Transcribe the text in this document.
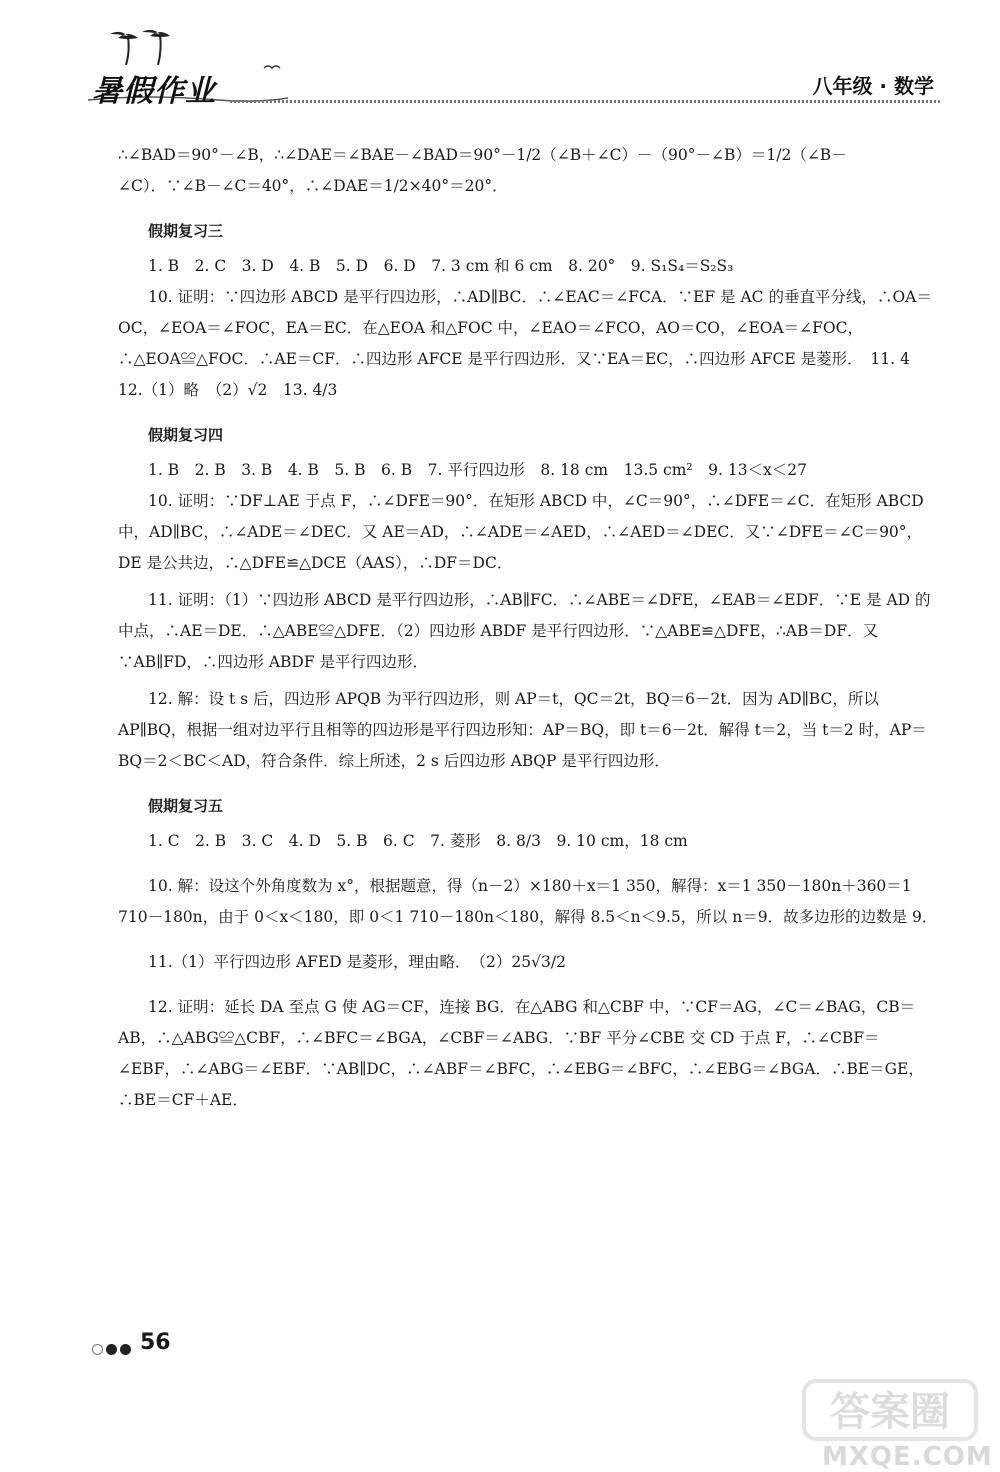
暑假作业	八年级 · 数学

∴∠BAD＝90°－∠B，∴∠DAE＝∠BAE－∠BAD＝90°－1/2（∠B＋∠C）－（90°－∠B）＝1/2（∠B－

∠C）．∵∠B－∠C＝40°，∴∠DAE＝1/2×40°＝20°．

假期复习三

1. B　2. C　3. D　4. B　5. D　6. D　7. 3 cm 和 6 cm　8. 20°　9. S₁S₄＝S₂S₃

10. 证明：∵四边形 ABCD 是平行四边形，∴AD∥BC．∴∠EAC＝∠FCA．∵EF 是 AC 的垂直平分线，∴OA＝OC，∠EOA＝∠FOC，EA＝EC．在△EOA 和△FOC 中，∠EAO＝∠FCO，AO＝CO，∠EOA＝∠FOC，∴△EOA≌△FOC．∴AE＝CF．∴四边形 AFCE 是平行四边形．又∵EA＝EC，∴四边形 AFCE 是菱形．　11. 4　12.（1）略　（2）√2　13. 4/3

假期复习四

1. B　2. B　3. B　4. B　5. B　6. B　7. 平行四边形　8. 18 cm　13.5 cm²　9. 13＜x＜27

10. 证明：∵DF⊥AE 于点 F，∴∠DFE＝90°．在矩形 ABCD 中，∠C＝90°，∴∠DFE＝∠C．在矩形 ABCD 中，AD∥BC，∴∠ADE＝∠DEC．又 AE＝AD，∴∠ADE＝∠AED，∴∠AED＝∠DEC．又∵∠DFE＝∠C＝90°，DE 是公共边，∴△DFE≌△DCE（AAS），∴DF＝DC．

11. 证明：（1）∵四边形 ABCD 是平行四边形，∴AB∥FC．∴∠ABE＝∠DFE，∠EAB＝∠EDF．∵E 是 AD 的中点，∴AE＝DE．∴△ABE≌△DFE．（2）四边形 ABDF 是平行四边形．∵△ABE≌△DFE，∴AB＝DF．又∵AB∥FD，∴四边形 ABDF 是平行四边形．

12. 解：设 t s 后，四边形 APQB 为平行四边形，则 AP＝t，QC＝2t，BQ＝6－2t．因为 AD∥BC，所以 AP∥BQ，根据一组对边平行且相等的四边形是平行四边形知：AP＝BQ，即 t＝6－2t．解得 t＝2，当 t＝2 时，AP＝BQ＝2＜BC＜AD，符合条件．综上所述，2 s 后四边形 ABQP 是平行四边形．

假期复习五

1. C　2. B　3. C　4. D　5. B　6. C　7. 菱形　8. 8/3　9. 10 cm，18 cm

10. 解：设这个外角度数为 x°，根据题意，得（n－2）×180＋x＝1 350，解得：x＝1 350－180n＋360＝1 710－180n，由于 0＜x＜180，即 0＜1 710－180n＜180，解得 8.5＜n＜9.5，所以 n＝9．故多边形的边数是 9．

11.（1）平行四边形 AFED 是菱形，理由略．　（2）25√3/2

12. 证明：延长 DA 至点 G 使 AG＝CF，连接 BG．在△ABG 和△CBF 中，∵CF＝AG，∠C＝∠BAG，CB＝AB，∴△ABG≌△CBF，∴∠BFC＝∠BGA，∠CBF＝∠ABG．∵BF 平分∠CBE 交 CD 于点 F，∴∠CBF＝∠EBF，∴∠ABG＝∠EBF．∵AB∥DC，∴∠ABF＝∠BFC，∴∠EBG＝∠BFC，∴∠EBG＝∠BGA．∴BE＝GE，∴BE＝CF＋AE．

56
答案圈
MXQE.COM
